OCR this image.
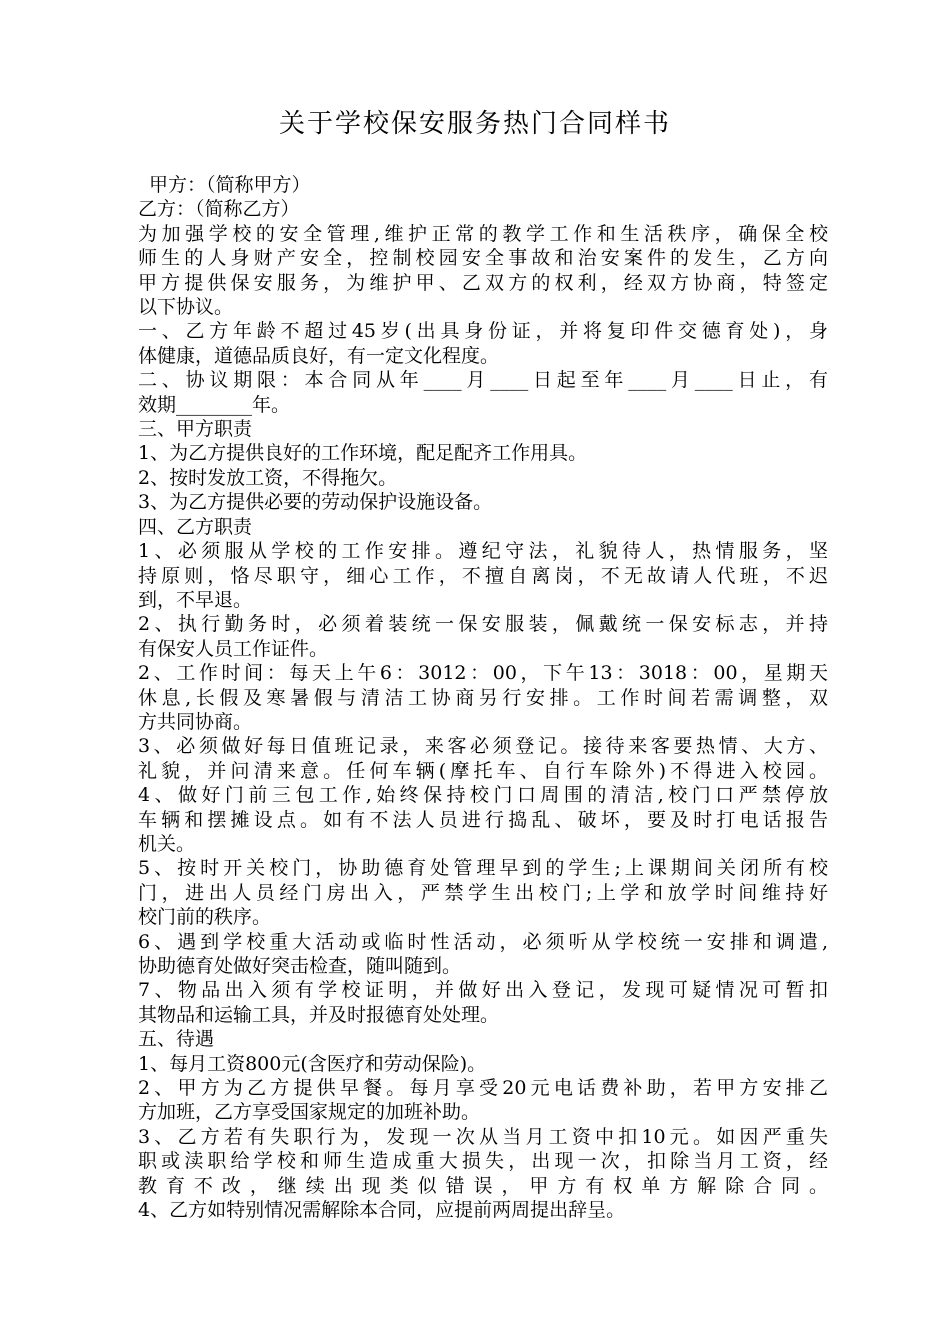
关于学校保安服务热门合同样书
甲方：（简称甲方）
乙方：（简称乙方）
为加强学校的安全管理,维护正常的教学工作和生活秩序，确保全校
师生的人身财产安全，控制校园安全事故和治安案件的发生，乙方向
甲方提供保安服务，为维护甲、乙双方的权利，经双方协商，特签定
以下协议。
一、乙方年龄不超过45岁(出具身份证，并将复印件交德育处)，身
体健康，道德品质良好，有一定文化程度。
二、协议期限：本合同从年____月____日起至年____月____日止，有
效期________年。
三、甲方职责
1、为乙方提供良好的工作环境，配足配齐工作用具。
2、按时发放工资，不得拖欠。
3、为乙方提供必要的劳动保护设施设备。
四、乙方职责
1、必须服从学校的工作安排。遵纪守法，礼貌待人，热情服务，坚
持原则，恪尽职守，细心工作，不擅自离岗，不无故请人代班，不迟
到，不早退。
2、执行勤务时，必须着装统一保安服装，佩戴统一保安标志，并持
有保安人员工作证件。
2、工作时间：每天上午6：3012：00，下午13：3018：00，星期天
休息,长假及寒暑假与清洁工协商另行安排。工作时间若需调整，双
方共同协商。
3、必须做好每日值班记录，来客必须登记。接待来客要热情、大方、
礼貌，并问清来意。任何车辆(摩托车、自行车除外)不得进入校园。
4、做好门前三包工作,始终保持校门口周围的清洁,校门口严禁停放
车辆和摆摊设点。如有不法人员进行捣乱、破坏，要及时打电话报告
机关。
5、按时开关校门，协助德育处管理早到的学生;上课期间关闭所有校
门，进出人员经门房出入，严禁学生出校门;上学和放学时间维持好
校门前的秩序。
6、遇到学校重大活动或临时性活动，必须听从学校统一安排和调遣,
协助德育处做好突击检查，随叫随到。
7、物品出入须有学校证明，并做好出入登记，发现可疑情况可暂扣
其物品和运输工具，并及时报德育处处理。
五、待遇
1、每月工资800元(含医疗和劳动保险)。
2、甲方为乙方提供早餐。每月享受20元电话费补助，若甲方安排乙
方加班，乙方享受国家规定的加班补助。
3、乙方若有失职行为，发现一次从当月工资中扣10元。如因严重失
职或渎职给学校和师生造成重大损失，出现一次，扣除当月工资，经
教育不改，继续出现类似错误，甲方有权单方解除合同。
4、乙方如特别情况需解除本合同，应提前两周提出辞呈。
